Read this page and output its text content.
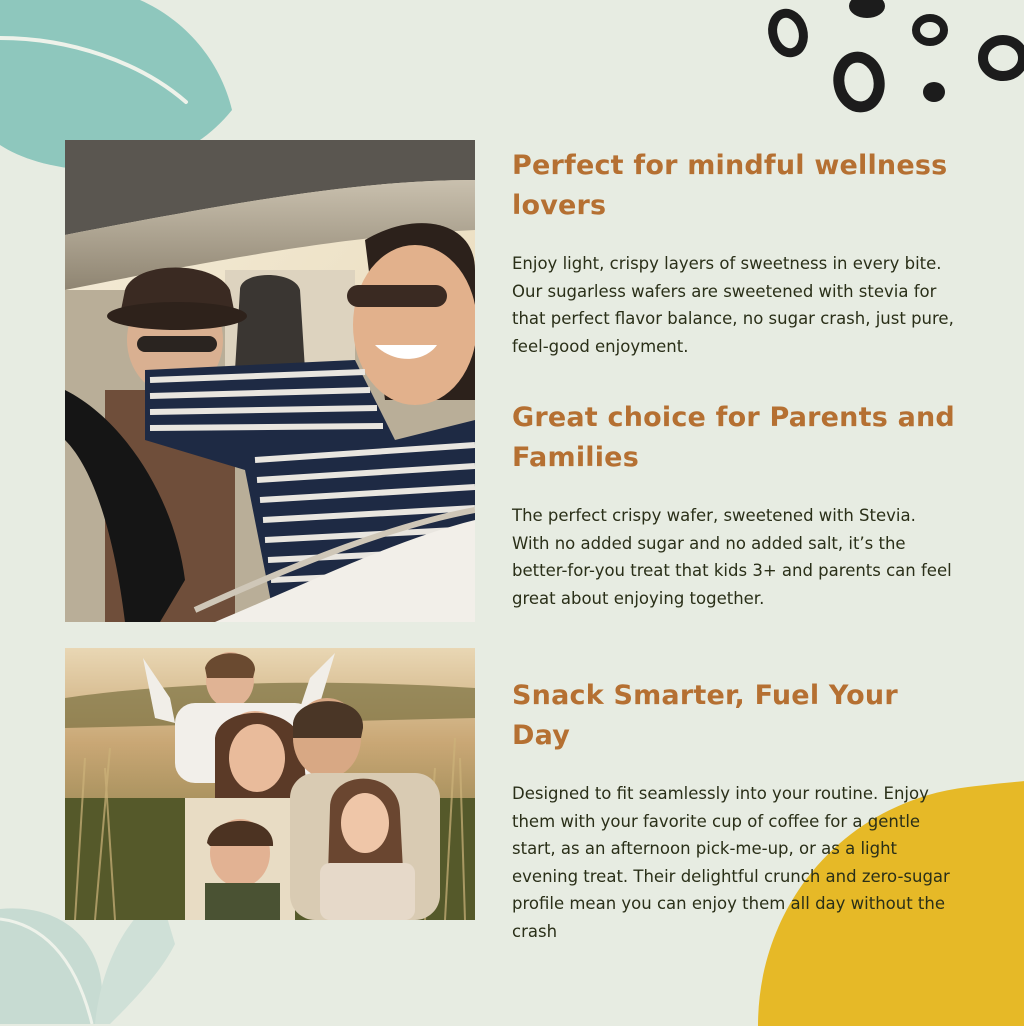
Perfect for mindful wellness lovers

Enjoy light, crispy layers of sweetness in every bite. Our sugarless wafers are sweetened with stevia for that perfect flavor balance, no sugar crash, just pure, feel-good enjoyment.

Great choice for Parents and Families

The perfect crispy wafer, sweetened with Stevia. With no added sugar and no added salt, it’s the better-for-you treat that kids 3+ and parents can feel great about enjoying together.

Snack Smarter, Fuel Your Day

Designed to fit seamlessly into your routine. Enjoy them with your favorite cup of coffee for a gentle start, as an afternoon pick-me-up, or as a light evening treat. Their delightful crunch and zero-sugar profile mean you can enjoy them all day without the crash
